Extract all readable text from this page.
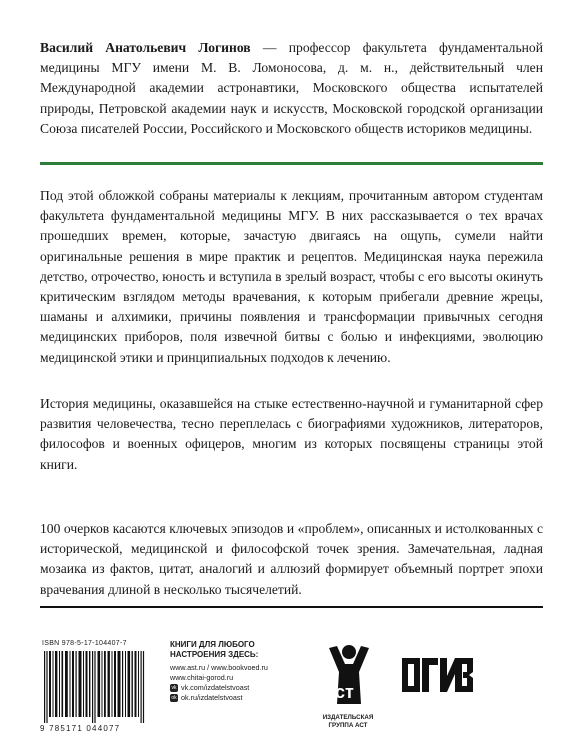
Василий Анатольевич Логинов — профессор факультета фундаментальной медицины МГУ имени М. В. Ломоносова, д. м. н., действительный член Международной академии астронавтики, Московского общества испытателей природы, Петровской академии наук и искусств, Московской городской организации Союза писателей России, Российского и Московского обществ историков медицины.
Под этой обложкой собраны материалы к лекциям, прочитанным автором студентам факультета фундаментальной медицины МГУ. В них рассказывается о тех врачах прошедших времен, которые, зачастую двигаясь на ощупь, сумели найти оригинальные решения в мире практик и рецептов. Медицинская наука пережила детство, отрочество, юность и вступила в зрелый возраст, чтобы с его высоты окинуть критическим взглядом методы врачевания, к которым прибегали древние жрецы, шаманы и алхимики, причины появления и трансформации привычных сегодня медицинских приборов, поля извечной битвы с болью и инфекциями, эволюцию медицинской этики и принципиальных подходов к лечению.
История медицины, оказавшейся на стыке естественно-научной и гуманитарной сфер развития человечества, тесно переплелась с биографиями художников, литераторов, философов и военных офицеров, многим из которых посвящены страницы этой книги.
100 очерков касаются ключевых эпизодов и «проблем», описанных и истолкованных с исторической, медицинской и философской точек зрения. Замечательная, ладная мозаика из фактов, цитат, аналогий и аллюзий формирует объемный портрет эпохи врачевания длиной в несколько тысячелетий.
ISBN 978-5-17-104407-7
9 785171 044077
КНИГИ ДЛЯ ЛЮБОГО НАСТРОЕНИЯ ЗДЕСЬ:
www.ast.ru / www.bookvoed.ru
www.chitai-gorod.ru
vk vk.com/izdatelstvoast
ok ok.ru/izdatelstvoast	аст
ИЗДАТЕЛЬСКАЯ ГРУППА АСТ
